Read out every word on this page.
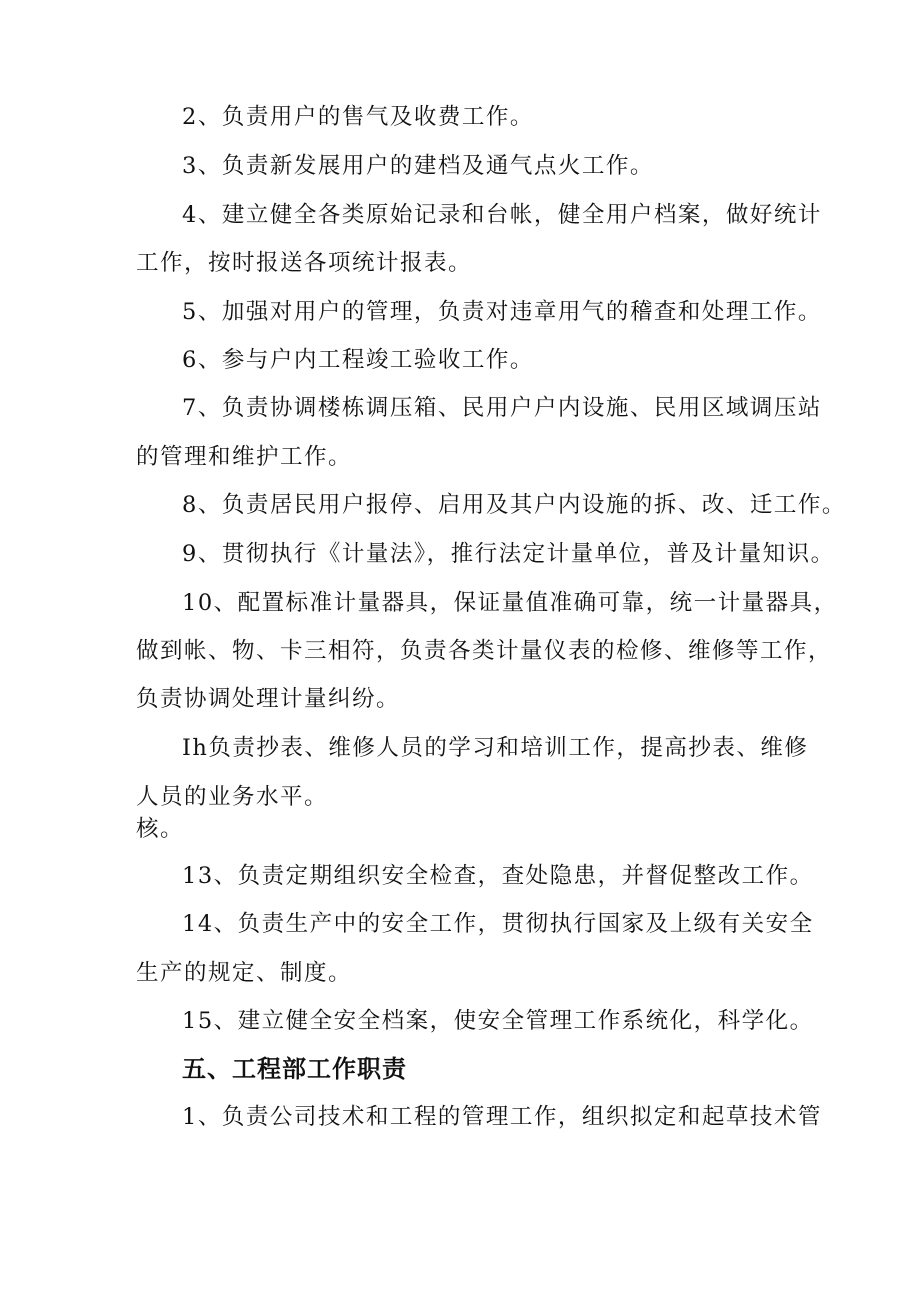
2、负责用户的售气及收费工作。
3、负责新发展用户的建档及通气点火工作。
4、建立健全各类原始记录和台帐，健全用户档案，做好统计
工作，按时报送各项统计报表。
5、加强对用户的管理，负责对违章用气的稽查和处理工作。
6、参与户内工程竣工验收工作。
7、负责协调楼栋调压箱、民用户户内设施、民用区域调压站
的管理和维护工作。
8、负责居民用户报停、启用及其户内设施的拆、改、迁工作。
9、贯彻执行《计量法》，推行法定计量单位，普及计量知识。
10、配置标准计量器具，保证量值准确可靠，统一计量器具，
做到帐、物、卡三相符，负责各类计量仪表的检修、维修等工作，
负责协调处理计量纠纷。
Ih负责抄表、维修人员的学习和培训工作，提高抄表、维修
人员的业务水平。
核。
13、负责定期组织安全检查，查处隐患，并督促整改工作。
14、负责生产中的安全工作，贯彻执行国家及上级有关安全
生产的规定、制度。
15、建立健全安全档案，使安全管理工作系统化，科学化。
五、工程部工作职责
1、负责公司技术和工程的管理工作，组织拟定和起草技术管
